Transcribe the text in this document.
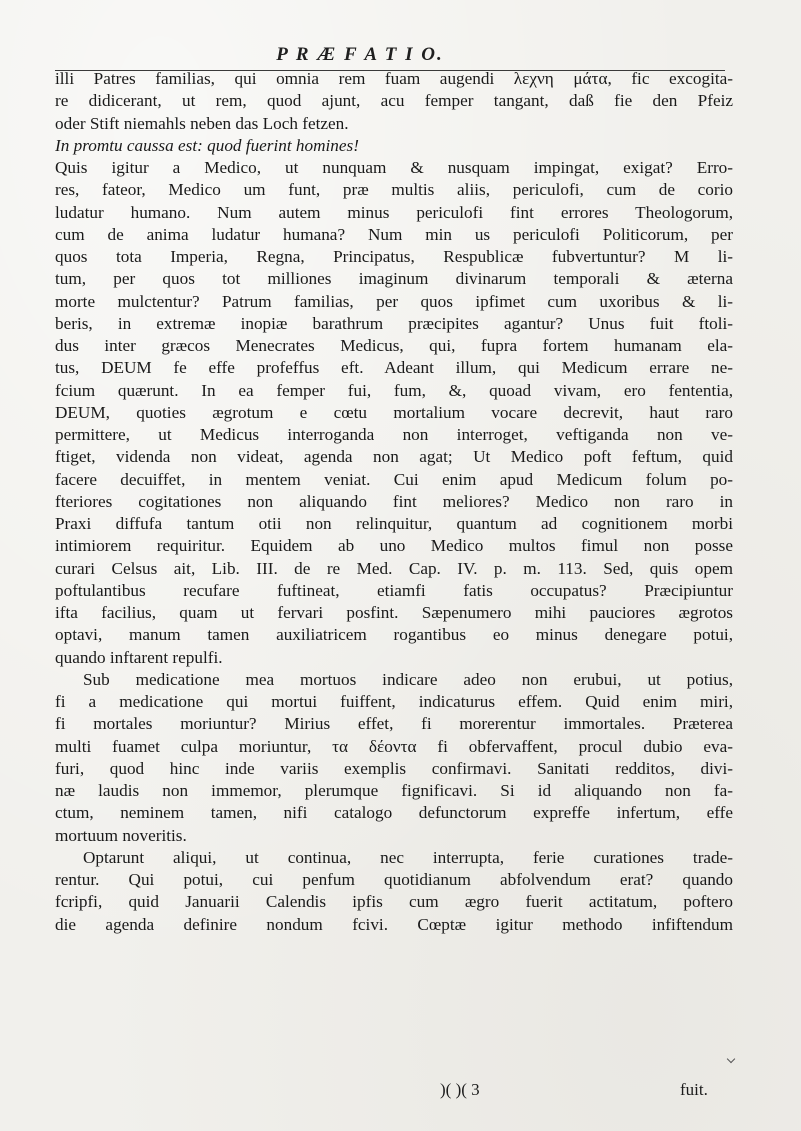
P R Æ F A T I O.
illi Patres familias, qui omnia rem fuam augendi λεχνη μάτα, fic excogita-
re didicerant, ut rem, quod ajunt, acu femper tangant, daß fie den Pfeiz
oder Stift niemahls neben das Loch fetzen.
In promtu caussa est: quod fuerint homines!
Quis igitur a Medico, ut nunquam & nusquam impingat, exigat? Erro-
res, fateor, Medico um funt, præ multis aliis, periculofi, cum de corio
ludatur humano. Num autem minus periculofi fint errores Theologorum,
cum de anima ludatur humana? Num min us periculofi Politicorum, per
quos tota Imperia, Regna, Principatus, Respublicæ fubvertuntur? M li-
tum, per quos tot milliones imaginum divinarum temporali & æterna
morte mulctentur? Patrum familias, per quos ipfimet cum uxoribus & li-
beris, in extremæ inopiæ barathrum præcipites agantur? Unus fuit ftoli-
dus inter græcos Menecrates Medicus, qui, fupra fortem humanam ela-
tus, DEUM fe effe profeffus eft. Adeant illum, qui Medicum errare ne-
fcium quærunt. In ea femper fui, fum, &, quoad vivam, ero fententia,
DEUM, quoties ægrotum e cœtu mortalium vocare decrevit, haut raro
permittere, ut Medicus interroganda non interroget, veftiganda non ve-
ftiget, videnda non videat, agenda non agat; Ut Medico poft feftum, quid
facere decuiffet, in mentem veniat. Cui enim apud Medicum folum po-
fteriores cogitationes non aliquando fint meliores? Medico non raro in
Praxi diffufa tantum otii non relinquitur, quantum ad cognitionem morbi
intimiorem requiritur. Equidem ab uno Medico multos fimul non posse
curari Celsus ait, Lib. III. de re Med. Cap. IV. p. m. 113. Sed, quis opem
poftulantibus recufare fuftineat, etiamfi fatis occupatus? Præcipiuntur
ifta facilius, quam ut fervari posfint. Sæpenumero mihi pauciores ægrotos
optavi, manum tamen auxiliatricem rogantibus eo minus denegare potui,
quando inftarent repulfi.
Sub medicatione mea mortuos indicare adeo non erubui, ut potius,
fi a medicatione qui mortui fuiffent, indicaturus effem. Quid enim miri,
fi mortales moriuntur? Mirius effet, fi morerentur immortales. Præterea
multi fuamet culpa moriuntur, τα δέοντα fi obfervaffent, procul dubio eva-
furi, quod hinc inde variis exemplis confirmavi. Sanitati redditos, divi-
næ laudis non immemor, plerumque fignificavi. Si id aliquando non fa-
ctum, neminem tamen, nifi catalogo defunctorum expreffe infertum, effe
mortuum noveritis.
Optarunt aliqui, ut continua, nec interrupta, ferie curationes trade-
rentur. Qui potui, cui penfum quotidianum abfolvendum erat? quando
fcripfi, quid Januarii Calendis ipfis cum ægro fuerit actitatum, poftero
die agenda definire nondum fcivi. Cœptæ igitur methodo infiftendum
)( )( 3	fuit.
